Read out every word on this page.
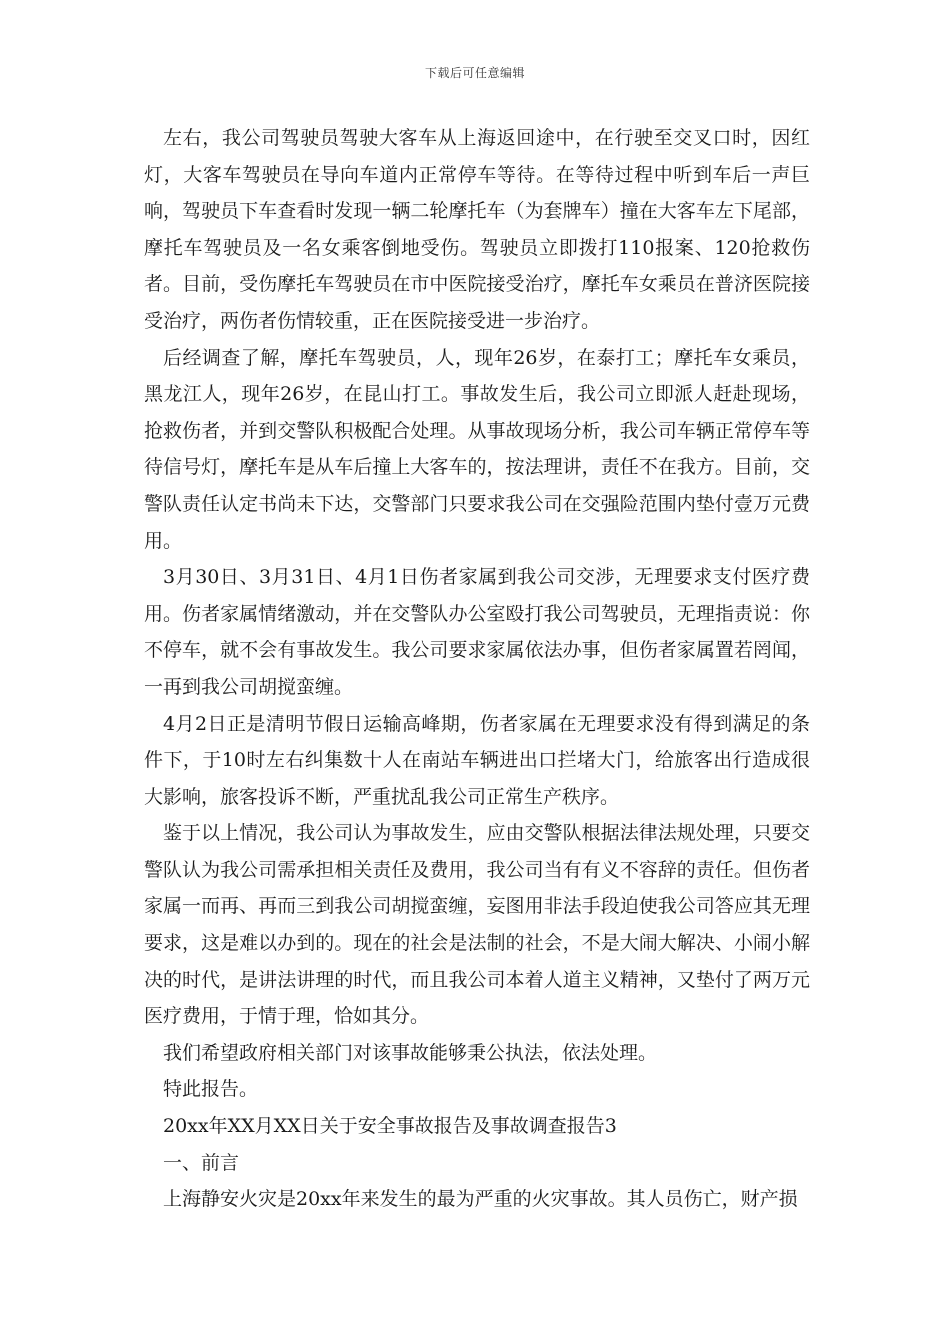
下载后可任意编辑

左右，我公司驾驶员驾驶大客车从上海返回途中，在行驶至交叉口时，因红灯，大客车驾驶员在导向车道内正常停车等待。在等待过程中听到车后一声巨响，驾驶员下车查看时发现一辆二轮摩托车（为套牌车）撞在大客车左下尾部，摩托车驾驶员及一名女乘客倒地受伤。驾驶员立即拨打110报案、120抢救伤者。目前，受伤摩托车驾驶员在市中医院接受治疗，摩托车女乘员在普济医院接受治疗，两伤者伤情较重，正在医院接受进一步治疗。

后经调查了解，摩托车驾驶员，人，现年26岁，在泰打工；摩托车女乘员，黑龙江人，现年26岁，在昆山打工。事故发生后，我公司立即派人赶赴现场，抢救伤者，并到交警队积极配合处理。从事故现场分析，我公司车辆正常停车等待信号灯，摩托车是从车后撞上大客车的，按法理讲，责任不在我方。目前，交警队责任认定书尚未下达，交警部门只要求我公司在交强险范围内垫付壹万元费用。

3月30日、3月31日、4月1日伤者家属到我公司交涉，无理要求支付医疗费用。伤者家属情绪激动，并在交警队办公室殴打我公司驾驶员，无理指责说：你不停车，就不会有事故发生。我公司要求家属依法办事，但伤者家属置若罔闻，一再到我公司胡搅蛮缠。

4月2日正是清明节假日运输高峰期，伤者家属在无理要求没有得到满足的条件下，于10时左右纠集数十人在南站车辆进出口拦堵大门，给旅客出行造成很大影响，旅客投诉不断，严重扰乱我公司正常生产秩序。

鉴于以上情况，我公司认为事故发生，应由交警队根据法律法规处理，只要交警队认为我公司需承担相关责任及费用，我公司当有有义不容辞的责任。但伤者家属一而再、再而三到我公司胡搅蛮缠，妄图用非法手段迫使我公司答应其无理要求，这是难以办到的。现在的社会是法制的社会，不是大闹大解决、小闹小解决的时代，是讲法讲理的时代，而且我公司本着人道主义精神，又垫付了两万元医疗费用，于情于理，恰如其分。

我们希望政府相关部门对该事故能够秉公执法，依法处理。

特此报告。

20xx年XX月XX日关于安全事故报告及事故调查报告3

一、前言

上海静安火灾是20xx年来发生的最为严重的火灾事故。其人员伤亡，财产损
